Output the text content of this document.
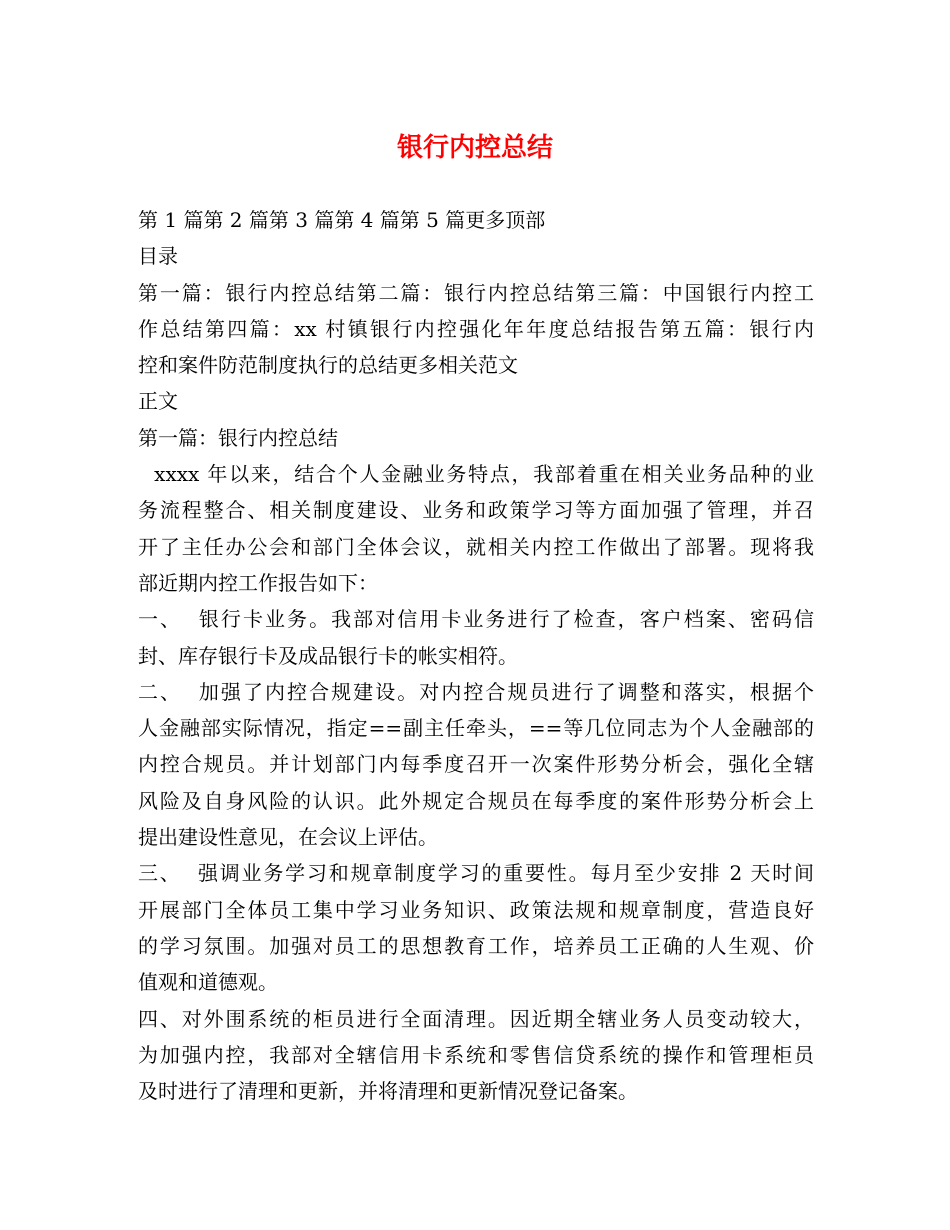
银行内控总结
第 1 篇第 2 篇第 3 篇第 4 篇第 5 篇更多顶部
目录
第一篇：银行内控总结第二篇：银行内控总结第三篇：中国银行内控工
作总结第四篇：xx 村镇银行内控强化年年度总结报告第五篇：银行内
控和案件防范制度执行的总结更多相关范文
正文
第一篇：银行内控总结
xxxx 年以来，结合个人金融业务特点，我部着重在相关业务品种的业
务流程整合、相关制度建设、业务和政策学习等方面加强了管理，并召
开了主任办公会和部门全体会议，就相关内控工作做出了部署。现将我
部近期内控工作报告如下：
一、  银行卡业务。我部对信用卡业务进行了检查，客户档案、密码信
封、库存银行卡及成品银行卡的帐实相符。
二、  加强了内控合规建设。对内控合规员进行了调整和落实，根据个
人金融部实际情况，指定==副主任牵头，==等几位同志为个人金融部的
内控合规员。并计划部门内每季度召开一次案件形势分析会，强化全辖
风险及自身风险的认识。此外规定合规员在每季度的案件形势分析会上
提出建设性意见，在会议上评估。
三、  强调业务学习和规章制度学习的重要性。每月至少安排 2 天时间
开展部门全体员工集中学习业务知识、政策法规和规章制度，营造良好
的学习氛围。加强对员工的思想教育工作，培养员工正确的人生观、价
值观和道德观。
四、对外围系统的柜员进行全面清理。因近期全辖业务人员变动较大，
为加强内控，我部对全辖信用卡系统和零售信贷系统的操作和管理柜员
及时进行了清理和更新，并将清理和更新情况登记备案。
